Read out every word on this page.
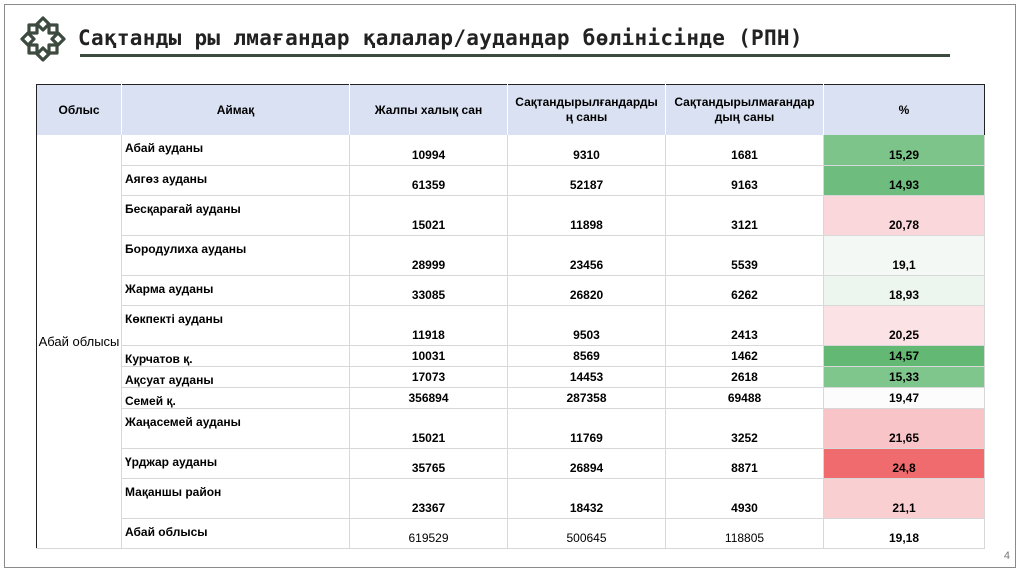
Сақтанды ры лмағандар қалалар/аудандар бөлінісінде (РПН)
Облыс	Аймақ	Жалпы халық сан	Сақтандырылғандарды ң саны	Сақтандырылмағандар дың саны	%
Абай облысы	Абай ауданы	10994	9310	1681	15,29
	Аягөз ауданы	61359	52187	9163	14,93
	Бесқарағай ауданы	15021	11898	3121	20,78
	Бородулиха ауданы	28999	23456	5539	19,1
	Жарма ауданы	33085	26820	6262	18,93
	Көкпекті ауданы	11918	9503	2413	20,25
	Курчатов қ.	10031	8569	1462	14,57
	Ақсуат ауданы	17073	14453	2618	15,33
	Семей қ.	356894	287358	69488	19,47
	Жаңасемей ауданы	15021	11769	3252	21,65
	Үрджар ауданы	35765	26894	8871	24,8
	Мақаншы район	23367	18432	4930	21,1
	Абай облысы	619529	500645	118805	19,18
4
